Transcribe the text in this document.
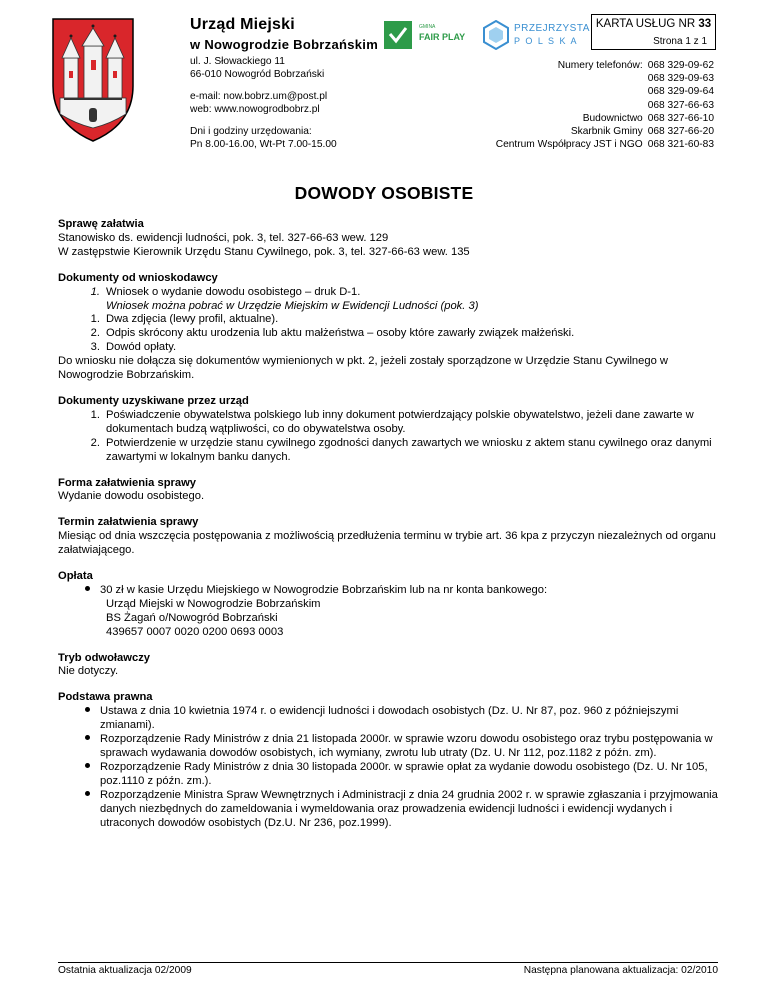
Urząd Miejski
w Nowogrodzie Bobrzańskim
ul. J. Słowackiego 11
66-010 Nowogród Bobrzański
e-mail: now.bobrz.um@post.pl
web: www.nowogrodbobrz.pl
Dni i godziny urzędowania:
Pn 8.00-16.00, Wt-Pt 7.00-15.00
GMINA
FAIR PLAY
PRZEJRZYSTA
P O L S K A
KARTA USŁUG NR 33
Strona 1 z 1
Numery telefonów:	068 329-09-62
	068 329-09-63
	068 329-09-64
	068 327-66-63
Budownictwo	068 327-66-10
Skarbnik Gminy	068 327-66-20
Centrum Współpracy JST i NGO	068 321-60-83
DOWODY OSOBISTE
Sprawę załatwia
Stanowisko ds. ewidencji ludności, pok. 3, tel. 327-66-63 wew. 129
W zastępstwie Kierownik Urzędu Stanu Cywilnego, pok. 3, tel. 327-66-63 wew. 135
Dokumenty od wnioskodawcy
1. Wniosek o wydanie dowodu osobistego – druk D-1.
Wniosek można pobrać w Urzędzie Miejskim w Ewidencji Ludności (pok. 3)
1. Dwa zdjęcia (lewy profil, aktualne).
2. Odpis skrócony aktu urodzenia lub aktu małżeństwa – osoby które zawarły związek małżeński.
3. Dowód opłaty.
Do wniosku nie dołącza się dokumentów wymienionych w pkt. 2, jeżeli zostały sporządzone w Urzędzie Stanu Cywilnego w Nowogrodzie Bobrzańskim.
Dokumenty uzyskiwane przez urząd
1. Poświadczenie obywatelstwa polskiego lub inny dokument potwierdzający polskie obywatelstwo, jeżeli dane zawarte w dokumentach budzą wątpliwości, co do obywatelstwa osoby.
2. Potwierdzenie w urzędzie stanu cywilnego zgodności danych zawartych we wniosku z aktem stanu cywilnego oraz danymi zawartymi w lokalnym banku danych.
Forma załatwienia sprawy
Wydanie dowodu osobistego.
Termin załatwienia sprawy
Miesiąc od dnia wszczęcia postępowania z możliwością przedłużenia terminu w trybie art. 36 kpa z przyczyn niezależnych od organu załatwiającego.
Opłata
30 zł w kasie Urzędu Miejskiego w Nowogrodzie Bobrzańskim lub na nr konta bankowego:
Urząd Miejski w Nowogrodzie Bobrzańskim
BS Żagań o/Nowogród Bobrzański
439657 0007 0020 0200 0693 0003
Tryb odwoławczy
Nie dotyczy.
Podstawa prawna
Ustawa z dnia 10 kwietnia 1974 r. o ewidencji ludności i dowodach osobistych (Dz. U. Nr 87, poz. 960 z późniejszymi zmianami).
Rozporządzenie Rady Ministrów z dnia 21 listopada 2000r. w sprawie wzoru dowodu osobistego oraz trybu postępowania w sprawach wydawania dowodów osobistych, ich wymiany, zwrotu lub utraty (Dz. U. Nr 112, poz.1182 z późn. zm).
Rozporządzenie Rady Ministrów z dnia 30 listopada 2000r. w sprawie opłat za wydanie dowodu osobistego (Dz. U. Nr 105, poz.1110 z późn. zm.).
Rozporządzenie Ministra Spraw Wewnętrznych i Administracji z dnia 24 grudnia 2002 r. w sprawie zgłaszania i przyjmowania danych niezbędnych do zameldowania i wymeldowania oraz prowadzenia ewidencji ludności i ewidencji wydanych i utraconych dowodów osobistych (Dz.U. Nr 236, poz.1999).
Ostatnia aktualizacja 02/2009	Następna planowana aktualizacja: 02/2010
